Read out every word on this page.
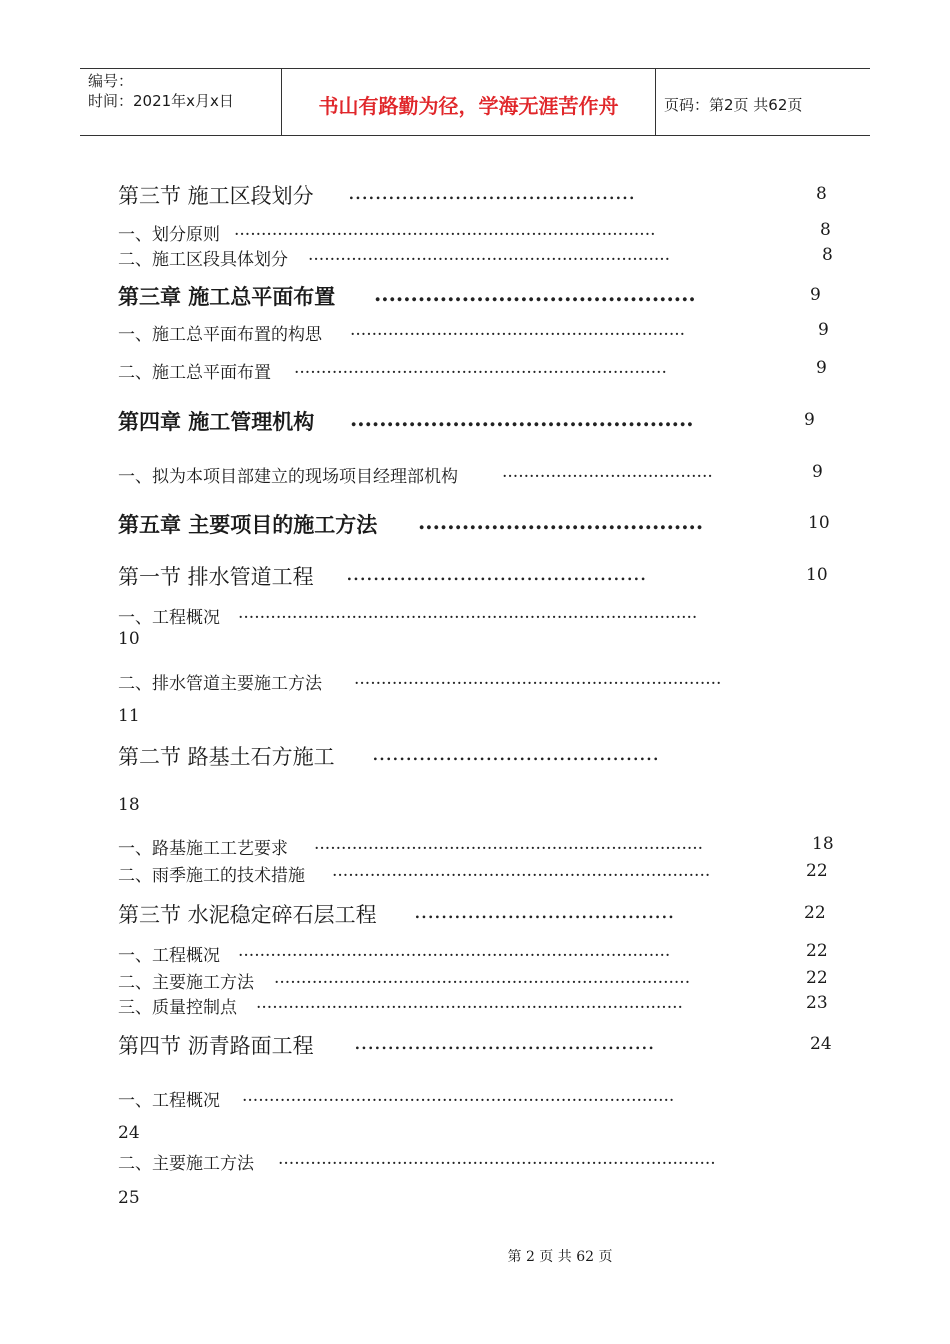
编号：
时间：2021年x月x日	书山有路勤为径，学海无涯苦作舟	页码：第2页 共62页
第三节 施工区段划分 ...........................................	8
一、划分原则 ..............................................................................	8
二、施工区段具体划分 ...................................................................	8
第三章 施工总平面布置 ............................................	9
一、施工总平面布置的构思 ..............................................................	9
二、施工总平面布置 .....................................................................	9
第四章 施工管理机构 ...............................................	9
一、拟为本项目部建立的现场项目经理部机构	.......................................	9
第五章 主要项目的施工方法 .......................................	10
第一节 排水管道工程 .............................................	10
一、工程概况 .....................................................................................
10
二、排水管道主要施工方法 ....................................................................
11
第二节 路基土石方施工 ...........................................
18
一、路基施工工艺要求 ........................................................................	18
二、雨季施工的技术措施 ......................................................................	22
第三节 水泥稳定碎石层工程 .......................................	22
一、工程概况 ................................................................................	22
二、主要施工方法 .............................................................................	22
三、质量控制点 ...............................................................................	23
第四节 沥青路面工程 .............................................	24
一、工程概况 ................................................................................
24
二、主要施工方法 .................................................................................
25
第 2 页 共 62 页
